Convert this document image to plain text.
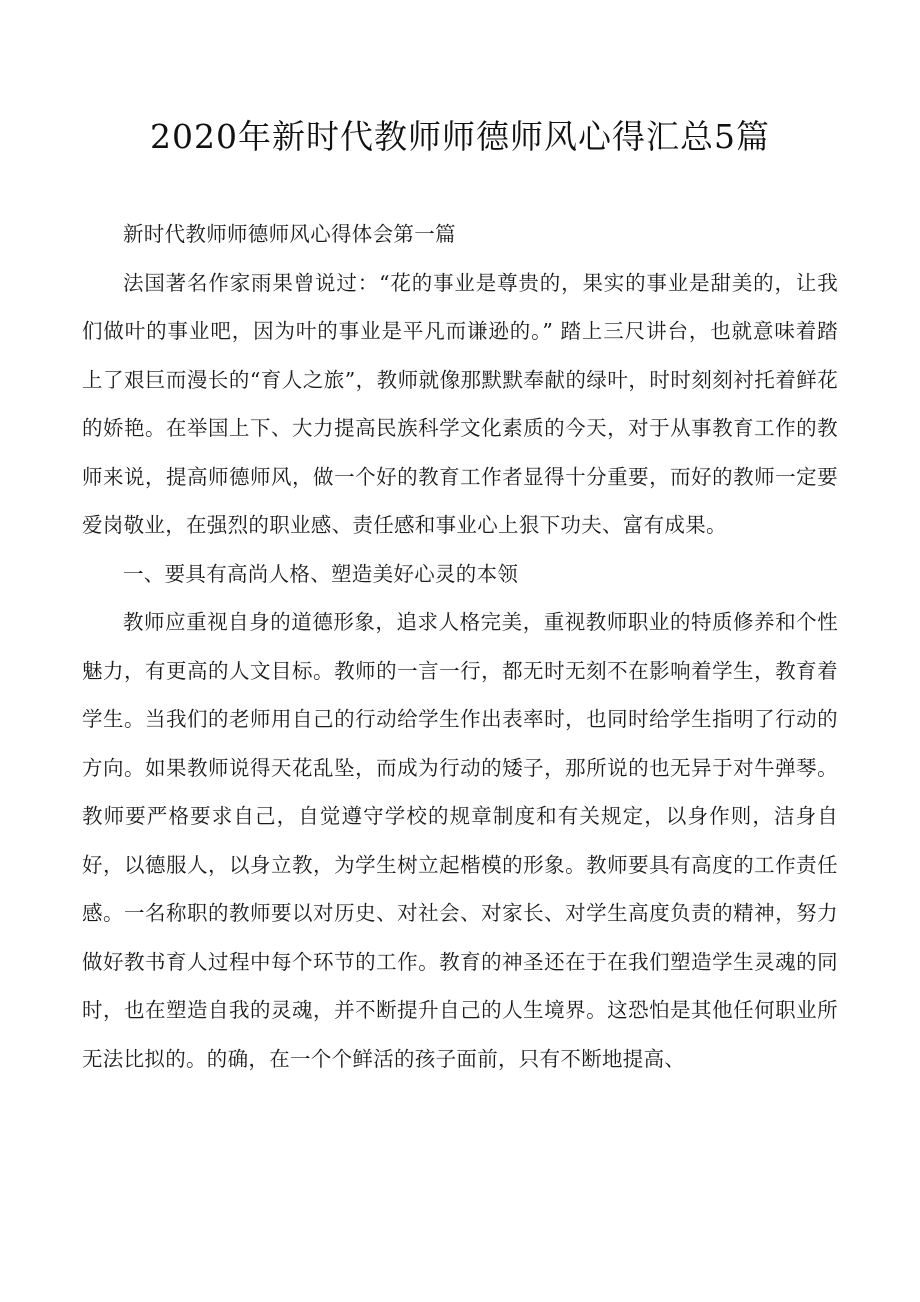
2020年新时代教师师德师风心得汇总5篇

新时代教师师德师风心得体会第一篇

法国著名作家雨果曾说过：“花的事业是尊贵的，果实的事业是甜美的，让我们做叶的事业吧，因为叶的事业是平凡而谦逊的。” 踏上三尺讲台，也就意味着踏上了艰巨而漫长的“育人之旅”，教师就像那默默奉献的绿叶，时时刻刻衬托着鲜花的娇艳。在举国上下、大力提高民族科学文化素质的今天，对于从事教育工作的教师来说，提高师德师风，做一个好的教育工作者显得十分重要，而好的教师一定要爱岗敬业，在强烈的职业感、责任感和事业心上狠下功夫、富有成果。

一、要具有高尚人格、塑造美好心灵的本领

教师应重视自身的道德形象，追求人格完美，重视教师职业的特质修养和个性魅力，有更高的人文目标。教师的一言一行，都无时无刻不在影响着学生，教育着学生。当我们的老师用自己的行动给学生作出表率时，也同时给学生指明了行动的方向。如果教师说得天花乱坠，而成为行动的矮子，那所说的也无异于对牛弹琴。教师要严格要求自己，自觉遵守学校的规章制度和有关规定，以身作则，洁身自好，以德服人，以身立教，为学生树立起楷模的形象。教师要具有高度的工作责任感。一名称职的教师要以对历史、对社会、对家长、对学生高度负责的精神，努力做好教书育人过程中每个环节的工作。教育的神圣还在于在我们塑造学生灵魂的同时，也在塑造自我的灵魂，并不断提升自己的人生境界。这恐怕是其他任何职业所无法比拟的。的确，在一个个鲜活的孩子面前，只有不断地提高、
